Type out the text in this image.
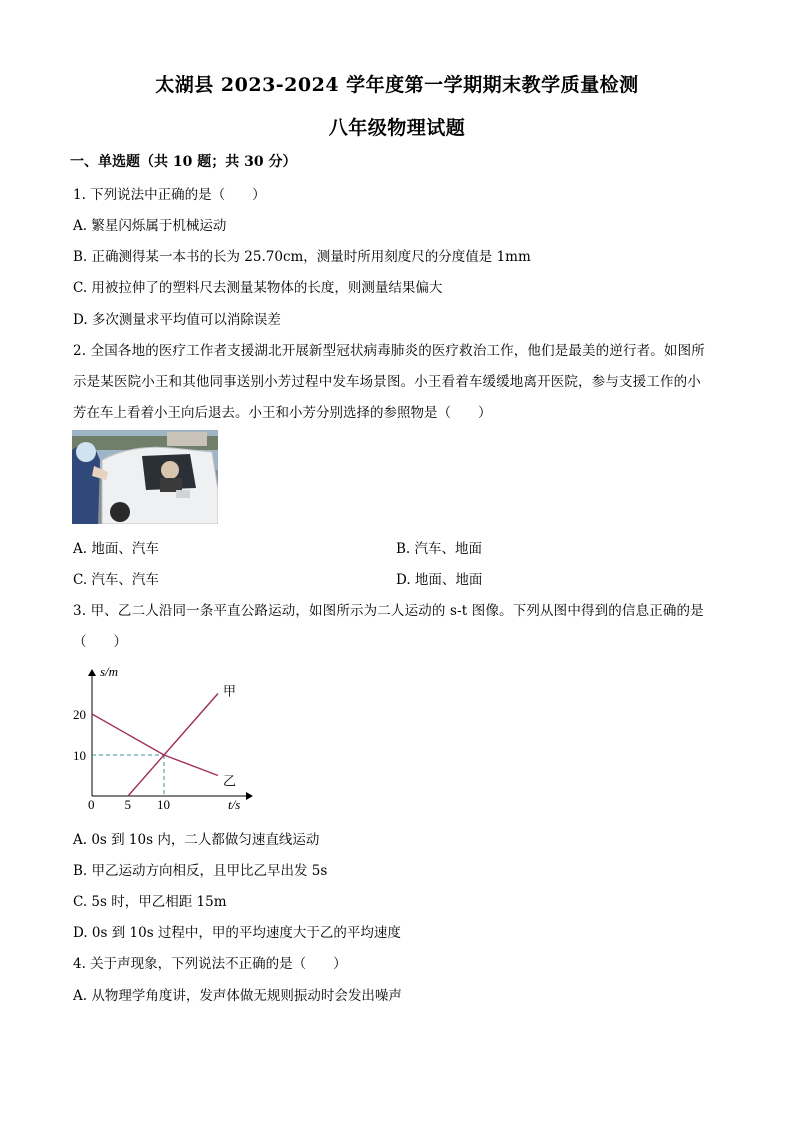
太湖县 2023-2024 学年度第一学期期末教学质量检测
八年级物理试题
一、单选题（共 10 题；共 30 分）
1. 下列说法中正确的是（　　）
A. 繁星闪烁属于机械运动
B. 正确测得某一本书的长为 25.70cm，测量时所用刻度尺的分度值是 1mm
C. 用被拉伸了的塑料尺去测量某物体的长度，则测量结果偏大
D. 多次测量求平均值可以消除误差
2. 全国各地的医疗工作者支援湖北开展新型冠状病毒肺炎的医疗救治工作，他们是最美的逆行者。如图所
示是某医院小王和其他同事送别小芳过程中发车场景图。小王看着车缓缓地离开医院，参与支援工作的小
芳在车上看着小王向后退去。小王和小芳分别选择的参照物是（　　）
A. 地面、汽车	B. 汽车、地面
C. 汽车、汽车	D. 地面、地面
3. 甲、乙二人沿同一条平直公路运动，如图所示为二人运动的 s-t 图像。下列从图中得到的信息正确的是
（　　）
s/m
t/s
0 5 10
10
20
甲
乙
A. 0s 到 10s 内，二人都做匀速直线运动
B. 甲乙运动方向相反，且甲比乙早出发 5s
C. 5s 时，甲乙相距 15m
D. 0s 到 10s 过程中，甲的平均速度大于乙的平均速度
4. 关于声现象，下列说法不正确的是（　　）
A. 从物理学角度讲，发声体做无规则振动时会发出噪声
